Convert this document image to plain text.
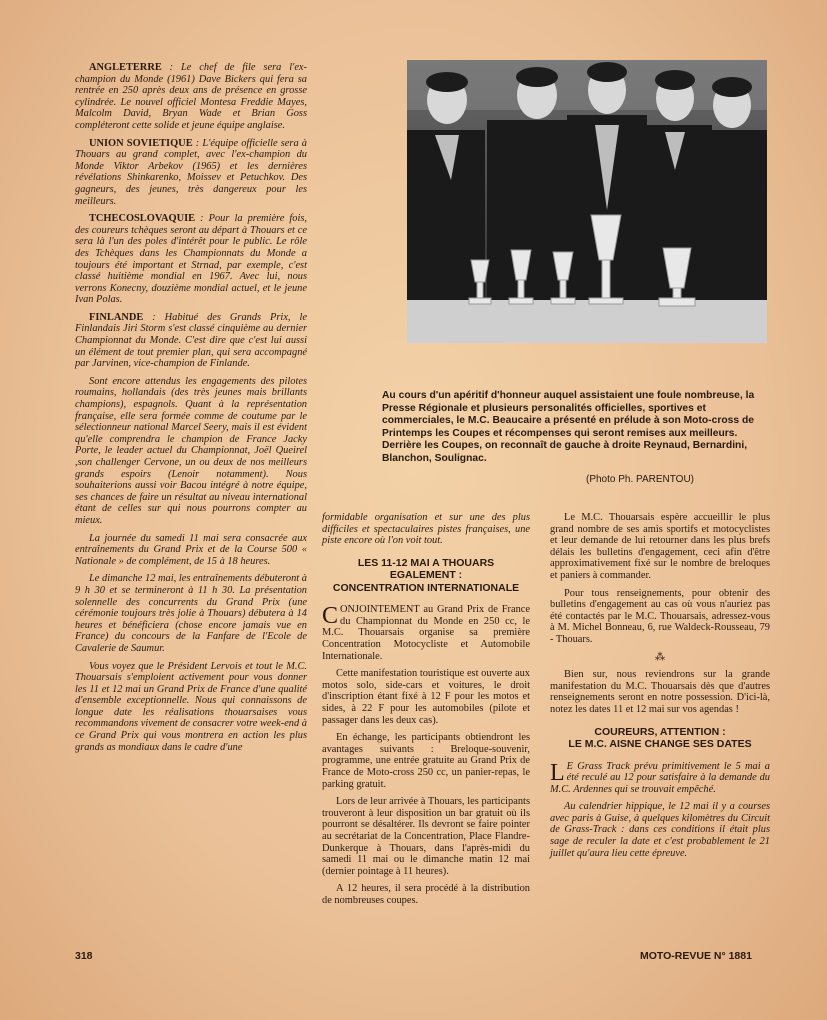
ANGLETERRE : Le chef de file sera l'ex-champion du Monde (1961) Dave Bickers qui fera sa rentrée en 250 après deux ans de présence en grosse cylindrée. Le nouvel officiel Montesa Freddie Mayes, Malcolm David, Bryan Wade et Brian Goss compléteront cette solide et jeune équipe anglaise.

UNION SOVIETIQUE : L'équipe officielle sera à Thouars au grand complet, avec l'ex-champion du Monde Viktor Arbekov (1965) et les dernières révélations Shinkarenko, Moissev et Petuchkov. Des gagneurs, des jeunes, très dangereux pour les meilleurs.

TCHECOSLOVAQUIE : Pour la première fois, des coureurs tchèques seront au départ à Thouars et ce sera là l'un des poles d'intérêt pour le public. Le rôle des Tchèques dans les Championnats du Monde a toujours été important et Strnad, par exemple, c'est classé huitième mondial en 1967. Avec lui, nous verrons Konecny, douzième mondial actuel, et le jeune Ivan Polas.

FINLANDE : Habitué des Grands Prix, le Finlandais Jiri Storm s'est classé cinquième au dernier Championnat du Monde. C'est dire que c'est lui aussi un élément de tout premier plan, qui sera accompagné par Jarvinen, vice-champion de Finlande.

Sont encore attendus les engagements des pilotes roumains, hollandais (des très jeunes mais brillants champions), espagnols. Quant à la représentation française, elle sera formée comme de coutume par le sélectionneur national Marcel Seery, mais il est évident qu'elle comprendra le champion de France Jacky Porte, le leader actuel du Championnat, Joël Queirel ,son challenger Cervone, un ou deux de nos meilleurs grands espoirs (Lenoir notamment). Nous souhaiterions aussi voir Bacou intégré à notre équipe, ses chances de faire un résultat au niveau international étant de celles sur qui nous pourrons compter au mieux.

La journée du samedi 11 mai sera consacrée aux entraînements du Grand Prix et de la Course 500 « Nationale » de complément, de 15 à 18 heures.

Le dimanche 12 mai, les entraînements débuteront à 9 h 30 et se termineront à 11 h 30. La présentation solennelle des concurrents du Grand Prix (une cérémonie toujours très jolie à Thouars) débutera à 14 heures et bénéficiera (chose encore jamais vue en France) du concours de la Fanfare de l'Ecole de Cavalerie de Saumur.

Vous voyez que le Président Lervois et tout le M.C. Thouarsais s'emploient activement pour vous donner les 11 et 12 mai un Grand Prix de France d'une qualité d'ensemble exceptionnelle. Nous qui connaissons de longue date les réalisations thouarsaises vous recommandons vivement de consacrer votre week-end à ce Grand Prix qui vous montrera en action les plus grands as mondiaux dans le cadre d'une

Au cours d'un apéritif d'honneur auquel assistaient une foule nombreuse, la Presse Régionale et plusieurs personalités officielles, sportives et commerciales, le M.C. Beaucaire a présenté en prélude à son Moto-cross de Printemps les Coupes et récompenses qui seront remises aux meilleurs. Derrière les Coupes, on reconnaît de gauche à droite Reynaud, Bernardini, Blanchon, Soulignac.
(Photo Ph. PARENTOU)

formidable organisation et sur une des plus difficiles et spectaculaires pistes françaises, une piste encore où l'on voit tout.

LES 11-12 MAI A THOUARS
EGALEMENT :
CONCENTRATION INTERNATIONALE

CONJOINTEMENT au Grand Prix de France du Championnat du Monde en 250 cc, le M.C. Thouarsais organise sa première Concentration Motocycliste et Automobile Internationale.

Cette manifestation touristique est ouverte aux motos solo, side-cars et voitures, le droit d'inscription étant fixé à 12 F pour les motos et sides, à 22 F pour les automobiles (pilote et passager dans les deux cas).

En échange, les participants obtiendront les avantages suivants : Breloque-souvenir, programme, une entrée gratuite au Grand Prix de France de Moto-cross 250 cc, un panier-repas, le parking gratuit.

Lors de leur arrivée à Thouars, les participants trouveront à leur disposition un bar gratuit où ils pourront se désaltérer. Ils devront se faire pointer au secrétariat de la Concentration, Place Flandre-Dunkerque à Thouars, dans l'après-midi du samedi 11 mai ou le dimanche matin 12 mai (dernier pointage à 11 heures).

A 12 heures, il sera procédé à la distribution de nombreuses coupes.

Le M.C. Thouarsais espère accueillir le plus grand nombre de ses amis sportifs et motocyclistes et leur demande de lui retourner dans les plus brefs délais les bulletins d'engagement, ceci afin d'être approximativement fixé sur le nombre de breloques et paniers à commander.

Pour tous renseignements, pour obtenir des bulletins d'engagement au cas où vous n'auriez pas été contactés par le M.C. Thouarsais, adressez-vous à M. Michel Bonneau, 6, rue Waldeck-Rousseau, 79 - Thouars.

⁂

Bien sur, nous reviendrons sur la grande manifestation du M.C. Thouarsais dès que d'autres renseignements seront en notre possession. D'ici-là, notez les dates 11 et 12 mai sur vos agendas !

COUREURS, ATTENTION :
LE M.C. AISNE CHANGE SES DATES

L E Grass Track prévu primitivement le 5 mai a été reculé au 12 pour satisfaire à la demande du M.C. Ardennes qui se trouvait empêché.

Au calendrier hippique, le 12 mai il y a courses avec paris à Guise, à quelques kilomètres du Circuit de Grass-Track : dans ces conditions il était plus sage de reculer la date et c'est probablement le 21 juillet qu'aura lieu cette épreuve.

318	MOTO-REVUE N° 1881
